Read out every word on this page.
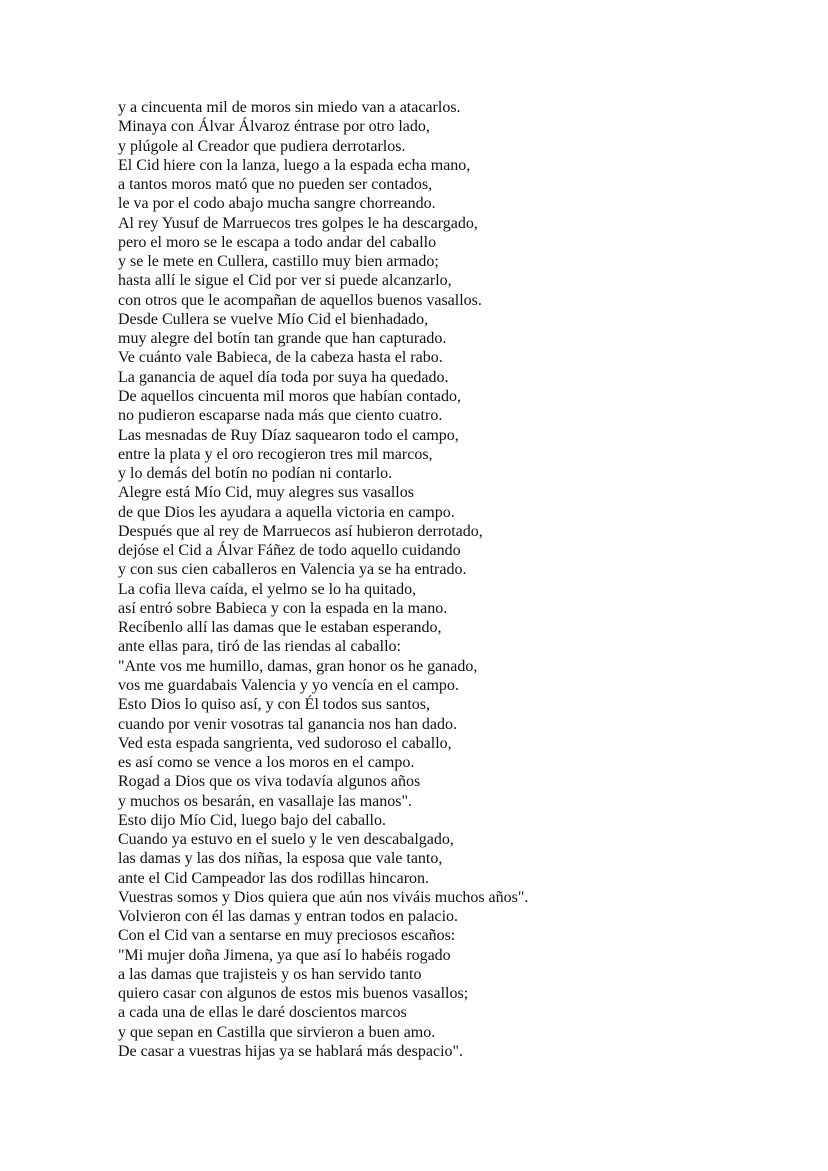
y a cincuenta mil de moros sin miedo van a atacarlos.
Minaya con Álvar Álvaroz éntrase por otro lado,
y plúgole al Creador que pudiera derrotarlos.
El Cid hiere con la lanza, luego a la espada echa mano,
a tantos moros mató que no pueden ser contados,
le va por el codo abajo mucha sangre chorreando.
Al rey Yusuf de Marruecos tres golpes le ha descargado,
pero el moro se le escapa a todo andar del caballo
y se le mete en Cullera, castillo muy bien armado;
hasta allí le sigue el Cid por ver si puede alcanzarlo,
con otros que le acompañan de aquellos buenos vasallos.
Desde Cullera se vuelve Mío Cid el bienhadado,
muy alegre del botín tan grande que han capturado.
Ve cuánto vale Babieca, de la cabeza hasta el rabo.
La ganancia de aquel día toda por suya ha quedado.
De aquellos cincuenta mil moros que habían contado,
no pudieron escaparse nada más que ciento cuatro.
Las mesnadas de Ruy Díaz saquearon todo el campo,
entre la plata y el oro recogieron tres mil marcos,
y lo demás del botín no podían ni contarlo.
Alegre está Mío Cid, muy alegres sus vasallos
de que Dios les ayudara a aquella victoria en campo.
Después que al rey de Marruecos así hubieron derrotado,
dejóse el Cid a Álvar Fáñez de todo aquello cuidando
y con sus cien caballeros en Valencia ya se ha entrado.
La cofia lleva caída, el yelmo se lo ha quitado,
así entró sobre Babieca y con la espada en la mano.
Recíbenlo allí las damas que le estaban esperando,
ante ellas para, tiró de las riendas al caballo:
"Ante vos me humillo, damas, gran honor os he ganado,
vos me guardabais Valencia y yo vencía en el campo.
Esto Dios lo quiso así, y con Él todos sus santos,
cuando por venir vosotras tal ganancia nos han dado.
Ved esta espada sangrienta, ved sudoroso el caballo,
es así como se vence a los moros en el campo.
Rogad a Dios que os viva todavía algunos años
y muchos os besarán, en vasallaje las manos".
Esto dijo Mío Cid, luego bajo del caballo.
Cuando ya estuvo en el suelo y le ven descabalgado,
las damas y las dos niñas, la esposa que vale tanto,
ante el Cid Campeador las dos rodillas hincaron.
Vuestras somos y Dios quiera que aún nos viváis muchos años".
Volvieron con él las damas y entran todos en palacio.
Con el Cid van a sentarse en muy preciosos escaños:
"Mi mujer doña Jimena, ya que así lo habéis rogado
a las damas que trajisteis y os han servido tanto
quiero casar con algunos de estos mis buenos vasallos;
a cada una de ellas le daré doscientos marcos
y que sepan en Castilla que sirvieron a buen amo.
De casar a vuestras hijas ya se hablará más despacio".
